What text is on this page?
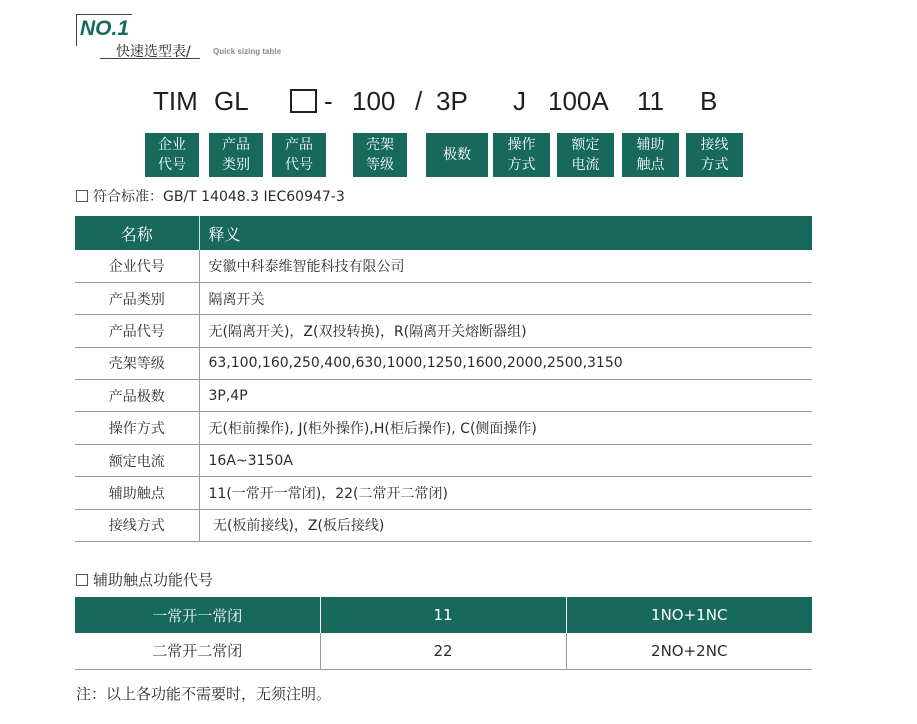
NO.1
快速选型表/	Quick sizing table
TIM GL	- 100 / 3P J 100A 11 B
企业
代号
产品
类别
产品
代号
壳架
等级
极数
操作
方式
额定
电流
辅助
触点
接线
方式
符合标准：GB/T 14048.3 IEC60947-3
名称	释义
企业代号	安徽中科泰维智能科技有限公司
产品类别	隔离开关
产品代号	无(隔离开关)，Z(双投转换)，R(隔离开关熔断器组)
壳架等级	63,100,160,250,400,630,1000,1250,1600,2000,2500,3150
产品极数	3P,4P
操作方式	无(柜前操作), J(柜外操作),H(柜后操作), C(侧面操作)
额定电流	16A~3150A
辅助触点	11(一常开一常闭)，22(二常开二常闭)
接线方式	无(板前接线)，Z(板后接线)
辅助触点功能代号
一常开一常闭	11	1NO+1NC
二常开二常闭	22	2NO+2NC
注：以上各功能不需要时，无须注明。
